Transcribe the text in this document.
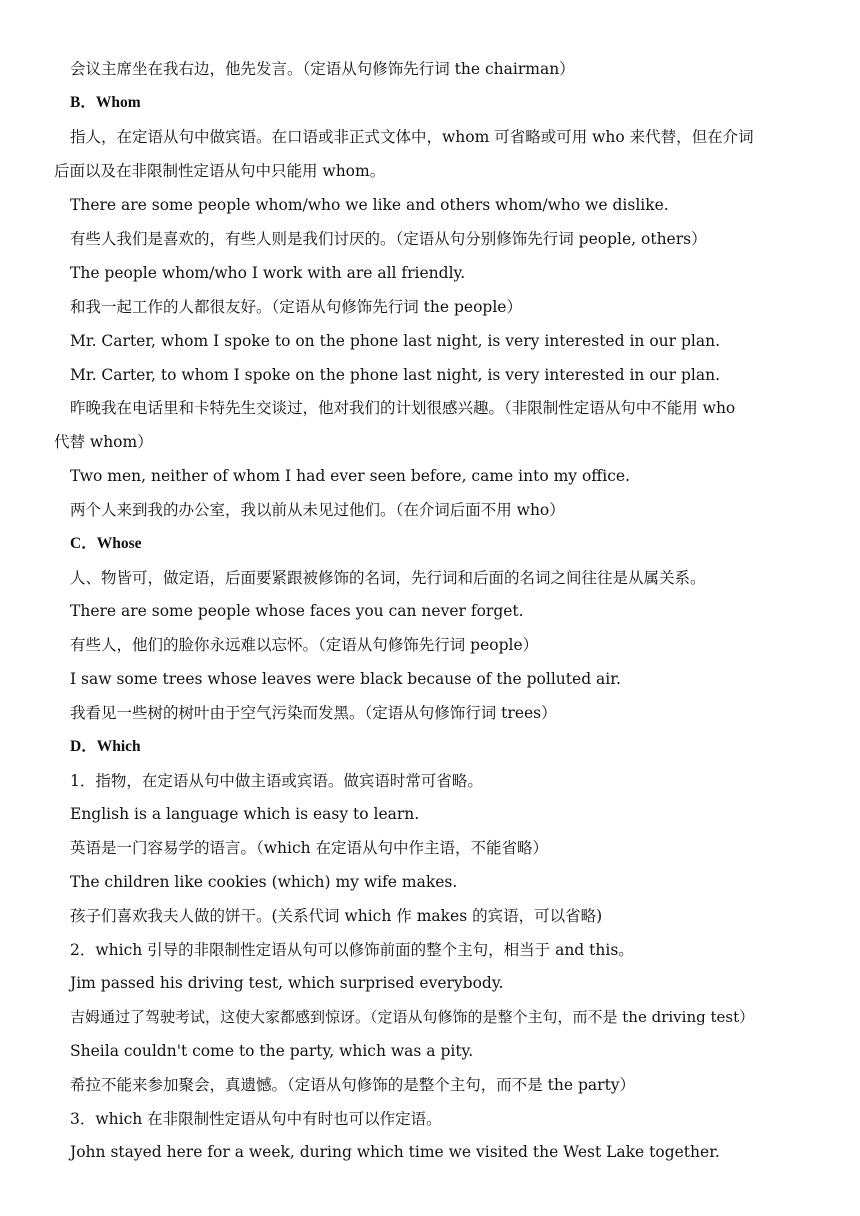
会议主席坐在我右边，他先发言。（定语从句修饰先行词 the chairman）
B．Whom
指人，在定语从句中做宾语。在口语或非正式文体中，whom 可省略或可用 who 来代替，但在介词
后面以及在非限制性定语从句中只能用 whom。
There are some people whom/who we like and others whom/who we dislike.
有些人我们是喜欢的，有些人则是我们讨厌的。（定语从句分别修饰先行词 people, others）
The people whom/who I work with are all friendly.
和我一起工作的人都很友好。（定语从句修饰先行词 the people）
Mr. Carter, whom I spoke to on the phone last night, is very interested in our plan.
Mr. Carter, to whom I spoke on the phone last night, is very interested in our plan.
昨晚我在电话里和卡特先生交谈过，他对我们的计划很感兴趣。（非限制性定语从句中不能用 who
代替 whom）
Two men, neither of whom I had ever seen before, came into my office.
两个人来到我的办公室，我以前从未见过他们。（在介词后面不用 who）
C．Whose
人、物皆可，做定语，后面要紧跟被修饰的名词，先行词和后面的名词之间往往是从属关系。
There are some people whose faces you can never forget.
有些人，他们的脸你永远难以忘怀。（定语从句修饰先行词 people）
I saw some trees whose leaves were black because of the polluted air.
我看见一些树的树叶由于空气污染而发黑。（定语从句修饰行词 trees）
D．Which
1．指物，在定语从句中做主语或宾语。做宾语时常可省略。
English is a language which is easy to learn.
英语是一门容易学的语言。（which 在定语从句中作主语，不能省略）
The children like cookies (which) my wife makes.
孩子们喜欢我夫人做的饼干。(关系代词 which 作 makes 的宾语，可以省略)
2．which 引导的非限制性定语从句可以修饰前面的整个主句，相当于 and this。
Jim passed his driving test, which surprised everybody.
吉姆通过了驾驶考试，这使大家都感到惊讶。（定语从句修饰的是整个主句，而不是 the driving test）
Sheila couldn't come to the party, which was a pity.
希拉不能来参加聚会，真遗憾。（定语从句修饰的是整个主句，而不是 the party）
3．which 在非限制性定语从句中有时也可以作定语。
John stayed here for a week, during which time we visited the West Lake together.
